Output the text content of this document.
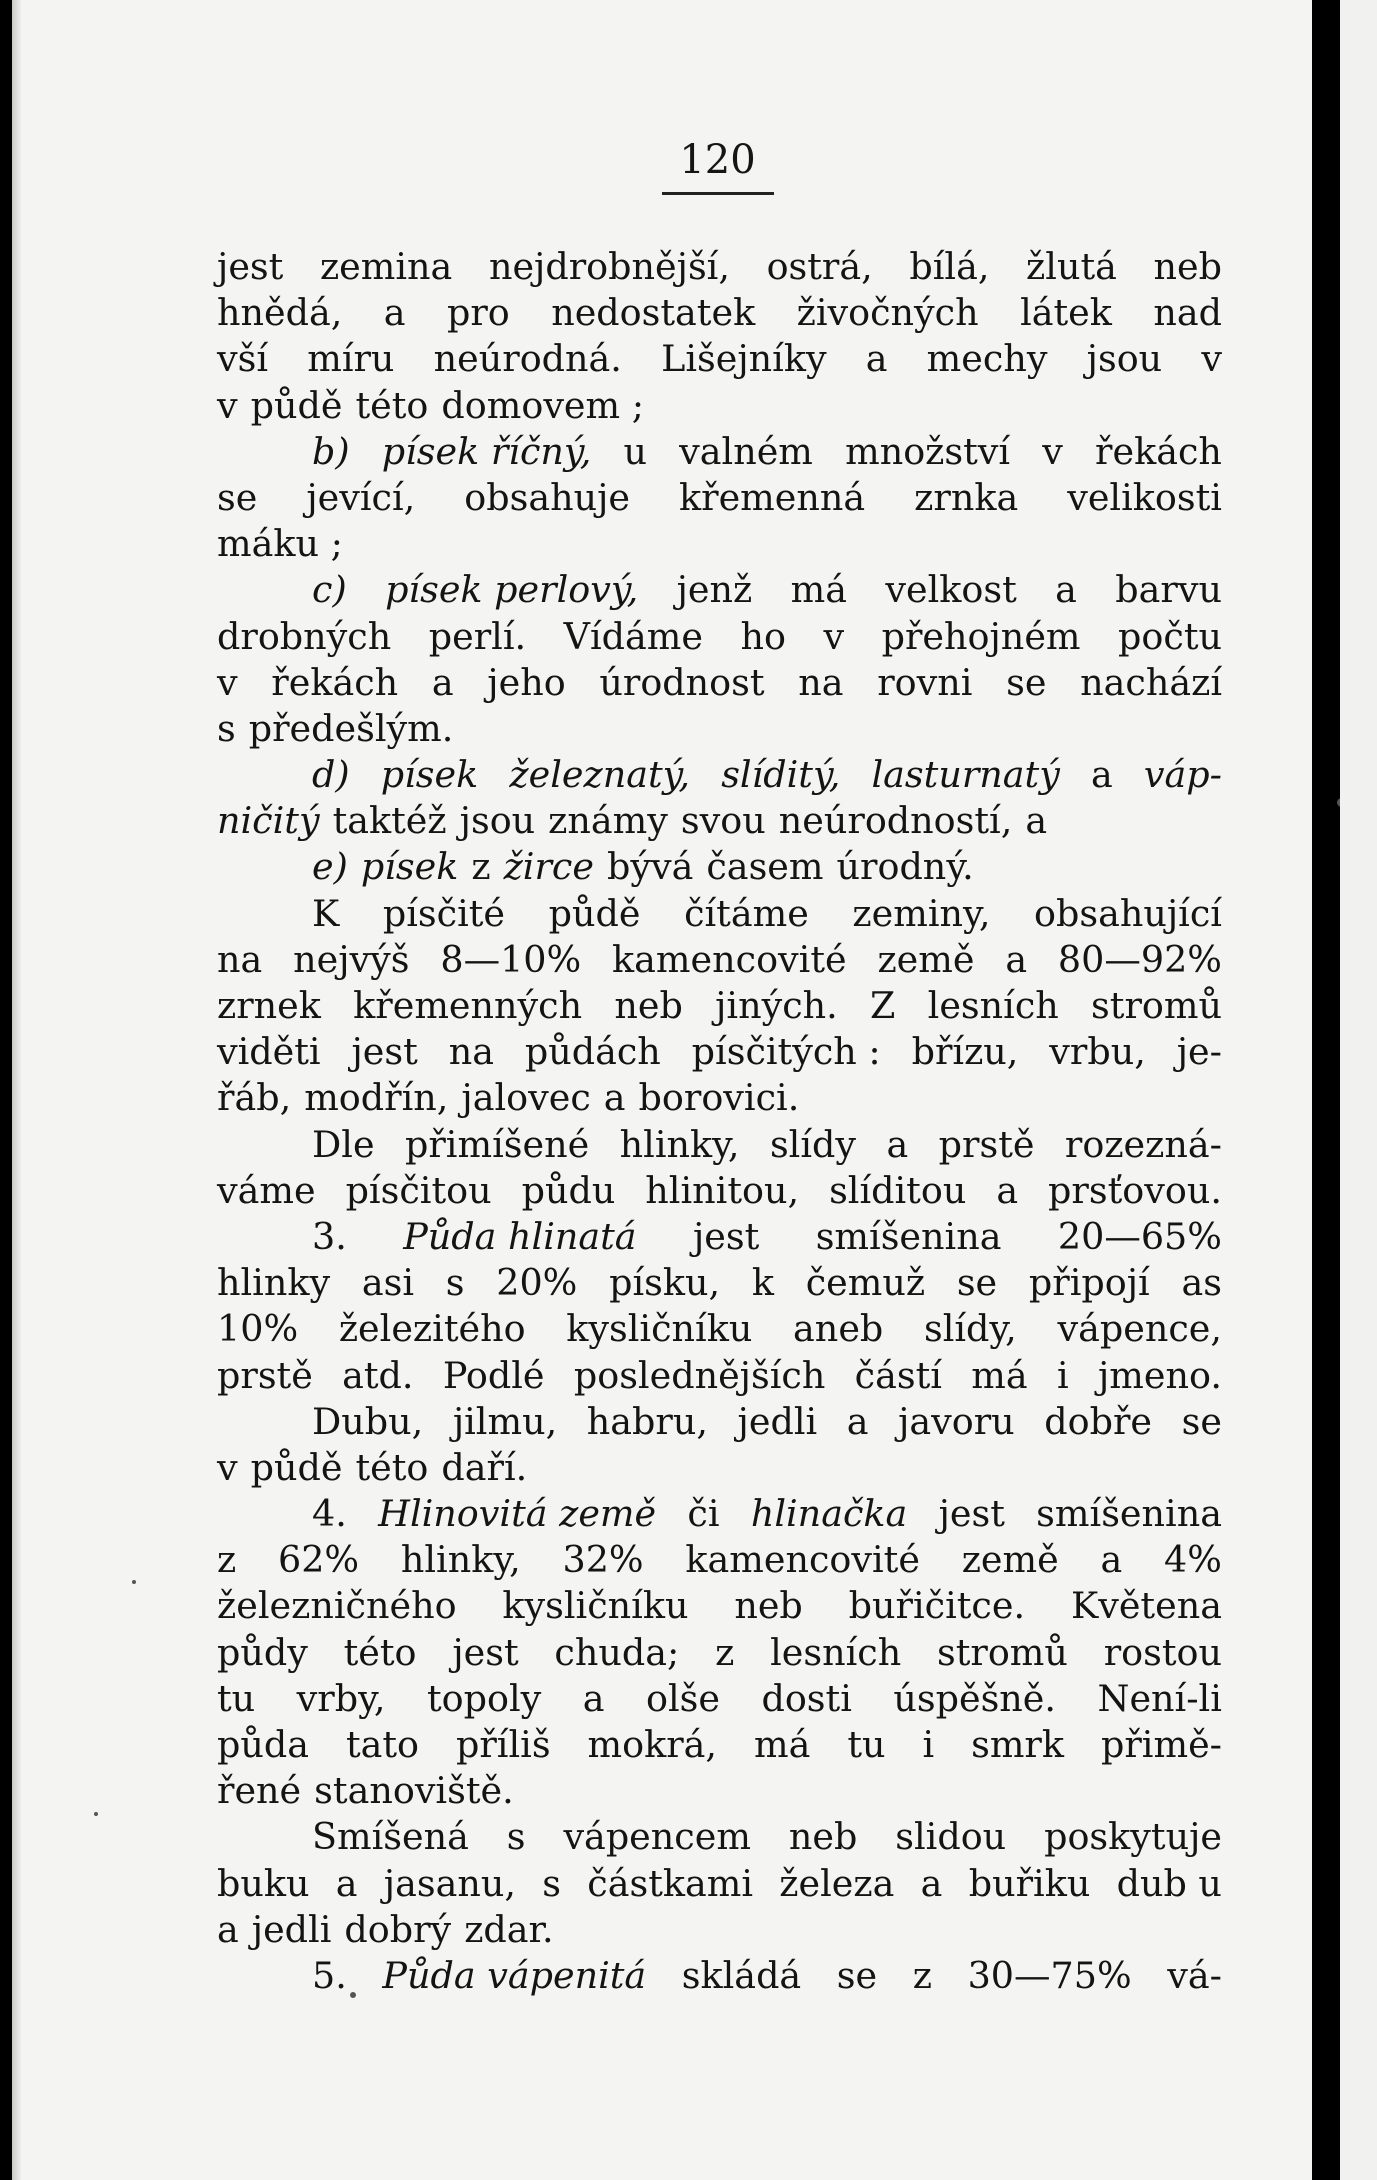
120
jest zemina nejdrobnější, ostrá, bílá, žlutá neb
hnědá, a pro nedostatek živočných látek nad
vší míru neúrodná. Lišejníky a mechy jsou v
v půdě této domovem ;
b) písek říčný, u valném množství v řekách
se jevící, obsahuje křemenná zrnka velikosti
máku ;
c) písek perlový, jenž má velkost a barvu
drobných perlí. Vídáme ho v přehojném počtu
v řekách a jeho úrodnost na rovni se nachází
s předešlým.
d) písek železnatý, slíditý, lasturnatý a váp-
ničitý taktéž jsou známy svou neúrodností, a
e) písek z žirce bývá časem úrodný.
K písčité půdě čítáme zeminy, obsahující
na nejvýš 8—10% kamencovité země a 80—92%
zrnek křemenných neb jiných. Z lesních stromů
viděti jest na půdách písčitých : břízu, vrbu, je-
řáb, modřín, jalovec a borovici.
Dle přimíšené hlinky, slídy a prstě rozezná-
váme písčitou půdu hlinitou, slíditou a prsťovou.
3. Půda hlinatá jest smíšenina 20—65%
hlinky asi s 20% písku, k čemuž se připojí as
10% železitého kysličníku aneb slídy, vápence,
prstě atd. Podlé poslednějších částí má i jmeno.
Dubu, jilmu, habru, jedli a javoru dobře se
v půdě této daří.
4. Hlinovitá země či hlinačka jest smíšenina
z 62% hlinky, 32% kamencovité země a 4%
železničného kysličníku neb buřičitce. Květena
půdy této jest chuda; z lesních stromů rostou
tu vrby, topoly a olše dosti úspěšně. Není-li
půda tato příliš mokrá, má tu i smrk přimě-
řené stanoviště.
Smíšená s vápencem neb slidou poskytuje
buku a jasanu, s částkami železa a buřiku dub u
a jedli dobrý zdar.
5. Půda vápenitá skládá se z 30—75% vá-
